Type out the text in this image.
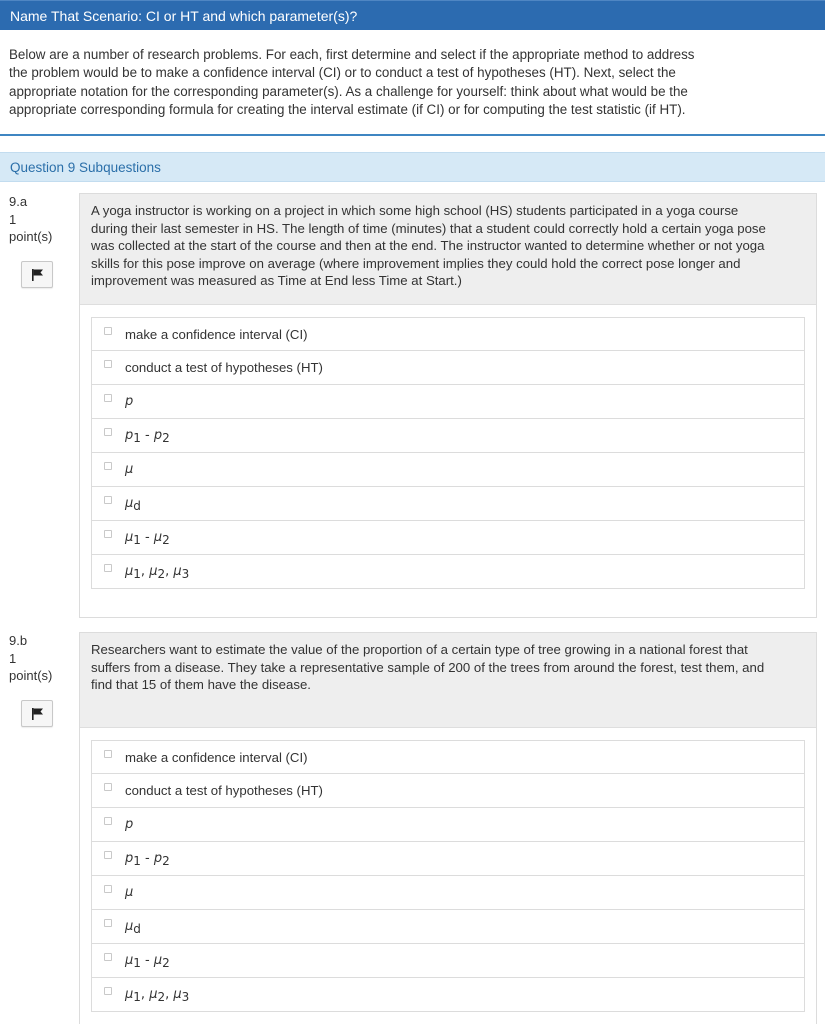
Name That Scenario: CI or HT and which parameter(s)?
Below are a number of research problems. For each, first determine and select if the appropriate method to address the problem would be to make a confidence interval (CI) or to conduct a test of hypotheses (HT). Next, select the appropriate notation for the corresponding parameter(s). As a challenge for yourself: think about what would be the appropriate corresponding formula for creating the interval estimate (if CI) or for computing the test statistic (if HT).
Question 9 Subquestions
9.a
1
point(s)
A yoga instructor is working on a project in which some high school (HS) students participated in a yoga course during their last semester in HS. The length of time (minutes) that a student could correctly hold a certain yoga pose was collected at the start of the course and then at the end. The instructor wanted to determine whether or not yoga skills for this pose improve on average (where improvement implies they could hold the correct pose longer and improvement was measured as Time at End less Time at Start.)
make a confidence interval (CI)
conduct a test of hypotheses (HT)
p
$p_1 - p_2$
μ
$\mu_d$
$\mu_1 - \mu_2$
$\mu_1$, $\mu_2$, $\mu_3$
9.b
1
point(s)
Researchers want to estimate the value of the proportion of a certain type of tree growing in a national forest that suffers from a disease. They take a representative sample of 200 of the trees from around the forest, test them, and find that 15 of them have the disease.
make a confidence interval (CI)
conduct a test of hypotheses (HT)
p
$p_1 - p_2$
μ
$\mu_d$
$\mu_1 - \mu_2$
$\mu_1$, $\mu_2$, $\mu_3$
